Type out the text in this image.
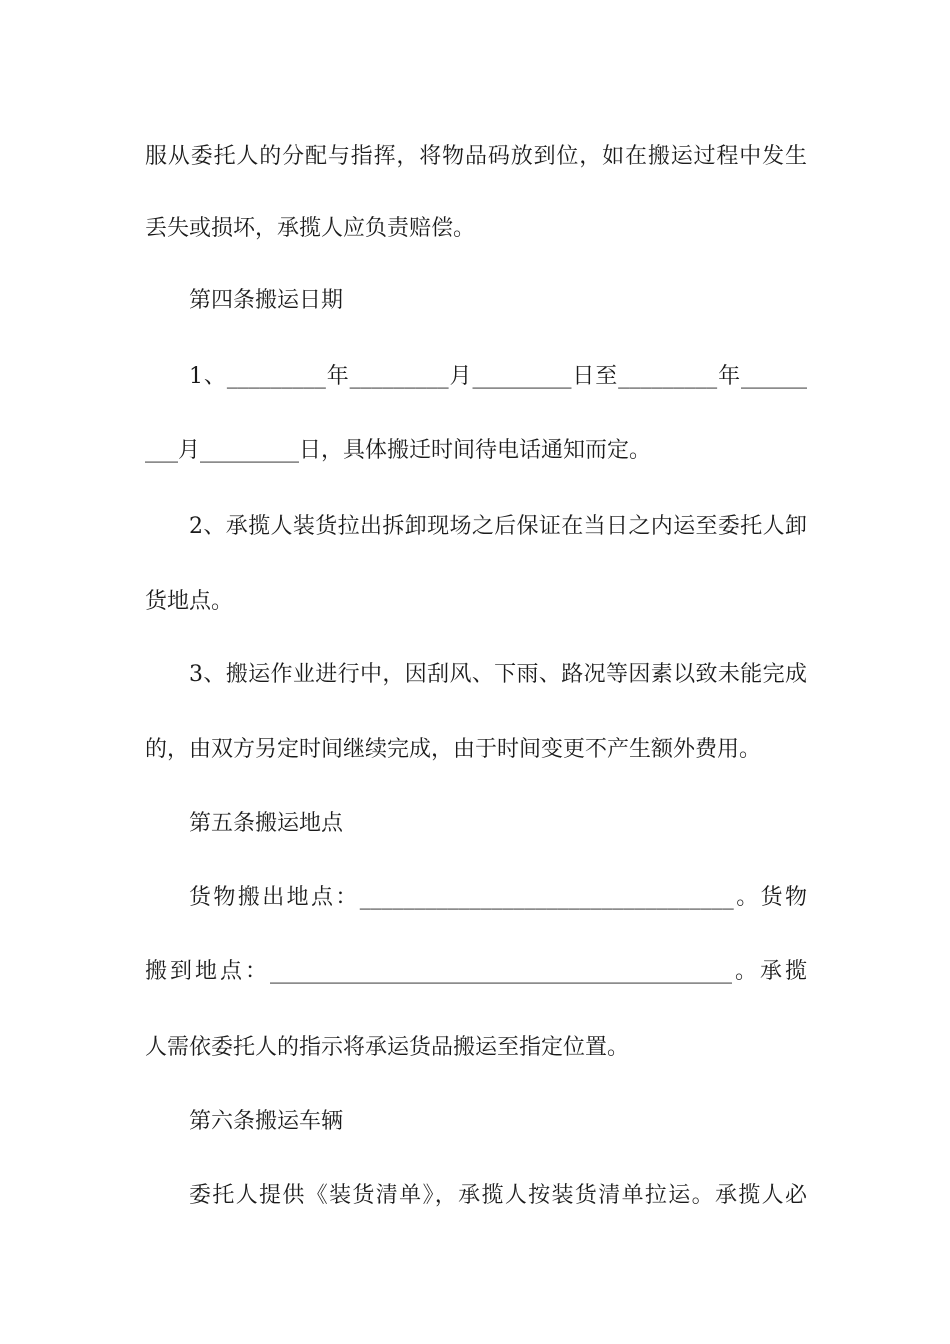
服从委托人的分配与指挥，将物品码放到位，如在搬运过程中发生
丢失或损坏，承揽人应负责赔偿。
第四条搬运日期
1、_________年_________月_________日至_________年______
___月_________日，具体搬迁时间待电话通知而定。
2、承揽人装货拉出拆卸现场之后保证在当日之内运至委托人卸
货地点。
3、搬运作业进行中，因刮风、下雨、路况等因素以致未能完成
的，由双方另定时间继续完成，由于时间变更不产生额外费用。
第五条搬运地点
货物搬出地点：__________________________________。货物
搬到地点：__________________________________________。承揽
人需依委托人的指示将承运货品搬运至指定位置。
第六条搬运车辆
委托人提供《装货清单》，承揽人按装货清单拉运。承揽人必
